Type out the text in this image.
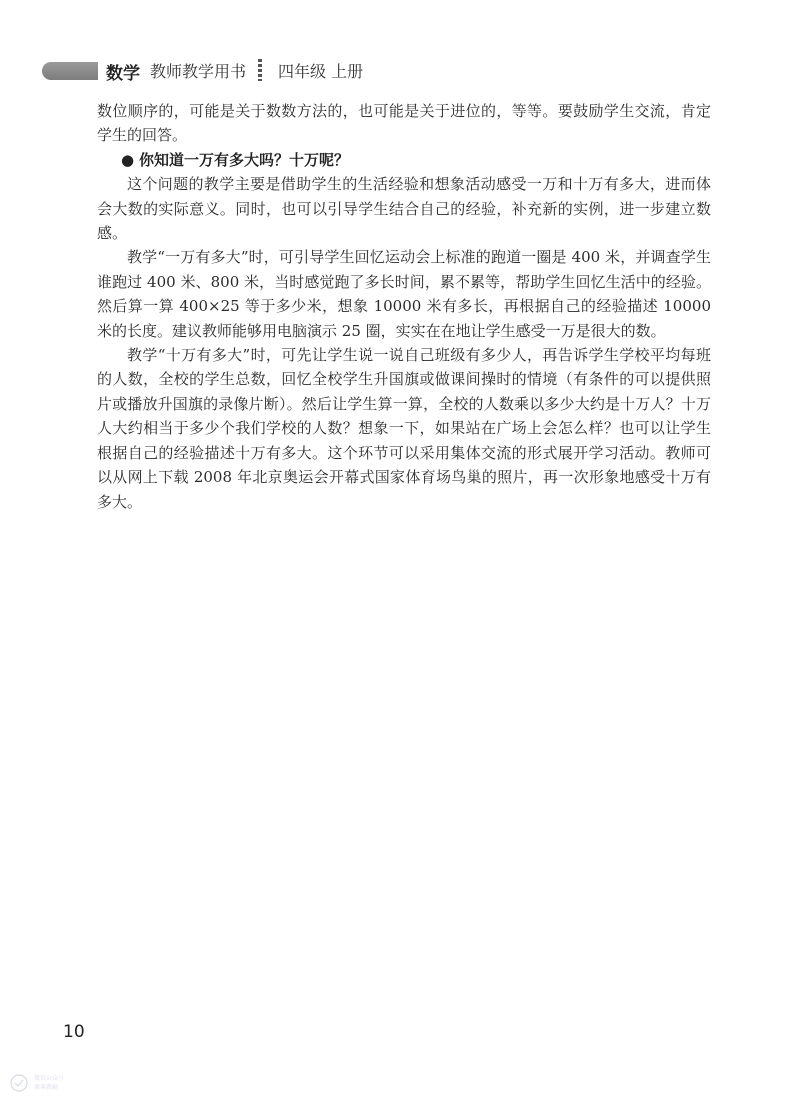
数学 教师教学用书 四年级 上册

数位顺序的，可能是关于数数方法的，也可能是关于进位的，等等。要鼓励学生交流，肯定学生的回答。

● 你知道一万有多大吗？十万呢？

这个问题的教学主要是借助学生的生活经验和想象活动感受一万和十万有多大，进而体会大数的实际意义。同时，也可以引导学生结合自己的经验，补充新的实例，进一步建立数感。

教学“一万有多大”时，可引导学生回忆运动会上标准的跑道一圈是 400 米，并调查学生谁跑过 400 米、800 米，当时感觉跑了多长时间，累不累等，帮助学生回忆生活中的经验。然后算一算 400×25 等于多少米，想象 10000 米有多长，再根据自己的经验描述 10000 米的长度。建议教师能够用电脑演示 25 圈，实实在在地让学生感受一万是很大的数。

教学“十万有多大”时，可先让学生说一说自己班级有多少人，再告诉学生学校平均每班的人数，全校的学生总数，回忆全校学生升国旗或做课间操时的情境（有条件的可以提供照片或播放升国旗的录像片断）。然后让学生算一算，全校的人数乘以多少大约是十万人？十万人大约相当于多少个我们学校的人数？想象一下，如果站在广场上会怎么样？也可以让学生根据自己的经验描述十万有多大。这个环节可以采用集体交流的形式展开学习活动。教师可以从网上下载 2008 年北京奥运会开幕式国家体育场鸟巢的照片，再一次形象地感受十万有多大。

10
微信公众号
莱莱教辅
